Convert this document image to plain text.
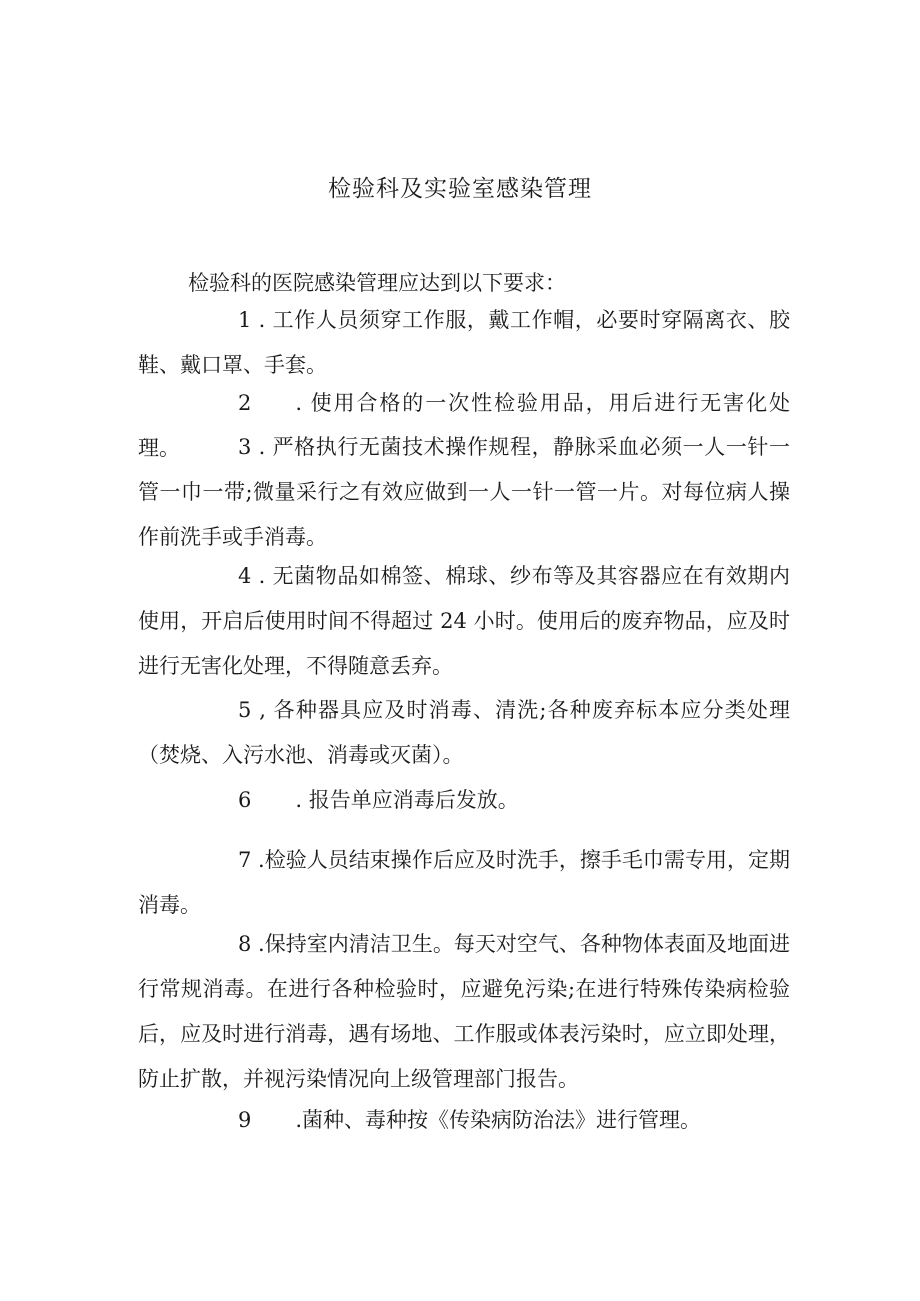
检验科及实验室感染管理

检验科的医院感染管理应达到以下要求：

1 . 工作人员须穿工作服，戴工作帽，必要时穿隔离衣、胶鞋、戴口罩、手套。

2 . 使用合格的一次性检验用品，用后进行无害化处理。	3 . 严格执行无菌技术操作规程，静脉采血必须一人一针一管一巾一带;微量采行之有效应做到一人一针一管一片。对每位病人操作前洗手或手消毒。

4 . 无菌物品如棉签、棉球、纱布等及其容器应在有效期内使用，开启后使用时间不得超过 24 小时。使用后的废弃物品，应及时进行无害化处理，不得随意丢弃。

5 , 各种器具应及时消毒、清洗;各种废弃标本应分类处理（焚烧、入污水池、消毒或灭菌）。

6 . 报告单应消毒后发放。

7 .检验人员结束操作后应及时洗手，擦手毛巾需专用，定期消毒。

8 .保持室内清洁卫生。每天对空气、各种物体表面及地面进行常规消毒。在进行各种检验时，应避免污染;在进行特殊传染病检验后，应及时进行消毒，遇有场地、工作服或体表污染时，应立即处理，防止扩散，并视污染情况向上级管理部门报告。

9 .菌种、毒种按《传染病防治法》进行管理。
